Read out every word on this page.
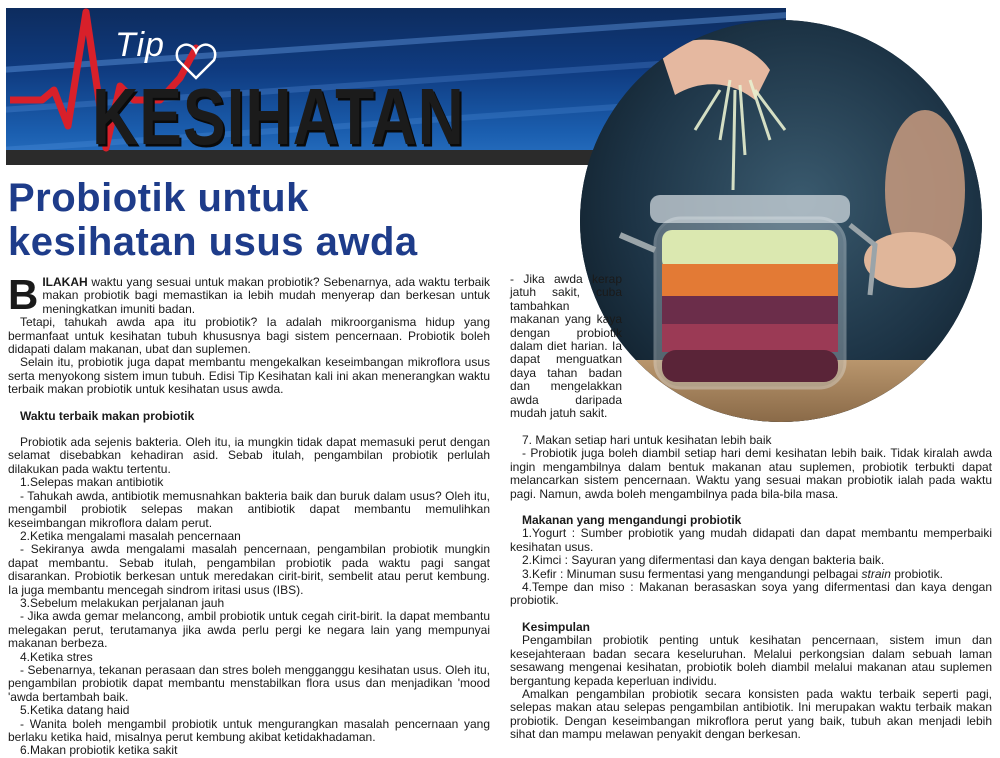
Tip
KESIHATAN
Probiotik untuk
kesihatan usus awda

BILAKAH waktu yang sesuai untuk makan probiotik? Sebenarnya, ada waktu terbaik makan probiotik bagi memastikan ia lebih mudah menyerap dan berkesan untuk meningkatkan imuniti badan.

Tetapi, tahukah awda apa itu probiotik? Ia adalah mikroorganisma hidup yang bermanfaat untuk kesihatan tubuh khususnya bagi sistem pencernaan. Probiotik boleh didapati dalam makanan, ubat dan suplemen.

Selain itu, probiotik juga dapat membantu mengekalkan keseimbangan mikroflora usus serta menyokong sistem imun tubuh. Edisi Tip Kesihatan kali ini akan menerangkan waktu terbaik makan probiotik untuk kesihatan usus awda.

Waktu terbaik makan probiotik

Probiotik ada sejenis bakteria. Oleh itu, ia mungkin tidak dapat memasuki perut dengan selamat disebabkan kehadiran asid. Sebab itulah, pengambilan probiotik perlulah dilakukan pada waktu tertentu.

1.Selepas makan antibiotik

- Tahukah awda, antibiotik memusnahkan bakteria baik dan buruk dalam usus? Oleh itu, mengambil probiotik selepas makan antibiotik dapat membantu memulihkan keseimbangan mikroflora dalam perut.

2.Ketika mengalami masalah pencernaan

- Sekiranya awda mengalami masalah pencernaan, pengambilan probiotik mungkin dapat membantu. Sebab itulah, pengambilan probiotik pada waktu pagi sangat disarankan. Probiotik berkesan untuk meredakan cirit-birit, sembelit atau perut kembung. Ia juga membantu mencegah sindrom iritasi usus (IBS).

3.Sebelum melakukan perjalanan jauh

- Jika awda gemar melancong, ambil probiotik untuk cegah cirit-birit. Ia dapat membantu melegakan perut, terutamanya jika awda perlu pergi ke negara lain yang mempunyai makanan berbeza.

4.Ketika stres

- Sebenarnya, tekanan perasaan dan stres boleh mengganggu kesihatan usus. Oleh itu, pengambilan probiotik dapat membantu menstabilkan flora usus dan menjadikan 'mood 'awda bertambah baik.

5.Ketika datang haid

- Wanita boleh mengambil probiotik untuk mengurangkan masalah pencernaan yang berlaku ketika haid, misalnya perut kembung akibat ketidakhadaman.

6.Makan probiotik ketika sakit

- Jika awda kerap jatuh sakit, cuba tambahkan makanan yang kaya dengan probiotik dalam diet harian. Ia dapat menguatkan daya tahan badan dan mengelakkan awda daripada mudah jatuh sakit.

7. Makan setiap hari untuk kesihatan lebih baik

- Probiotik juga boleh diambil setiap hari demi kesihatan lebih baik. Tidak kiralah awda ingin mengambilnya dalam bentuk makanan atau suplemen, probiotik terbukti dapat melancarkan sistem pencernaan. Waktu yang sesuai makan probiotik ialah pada waktu pagi. Namun, awda boleh mengambilnya pada bila-bila masa.

Makanan yang mengandungi probiotik

1.Yogurt : Sumber probiotik yang mudah didapati dan dapat membantu memperbaiki kesihatan usus.

2.Kimci : Sayuran yang difermentasi dan kaya dengan bakteria baik.

3.Kefir : Minuman susu fermentasi yang mengandungi pelbagai strain probiotik.

4.Tempe dan miso : Makanan berasaskan soya yang difermentasi dan kaya dengan probiotik.

Kesimpulan

Pengambilan probiotik penting untuk kesihatan pencernaan, sistem imun dan kesejahteraan badan secara keseluruhan. Melalui perkongsian dalam sebuah laman sesawang mengenai kesihatan, probiotik boleh diambil melalui makanan atau suplemen bergantung kepada keperluan individu.

Amalkan pengambilan probiotik secara konsisten pada waktu terbaik seperti pagi, selepas makan atau selepas pengambilan antibiotik. Ini merupakan waktu terbaik makan probiotik. Dengan keseimbangan mikroflora perut yang baik, tubuh akan menjadi lebih sihat dan mampu melawan penyakit dengan berkesan.
